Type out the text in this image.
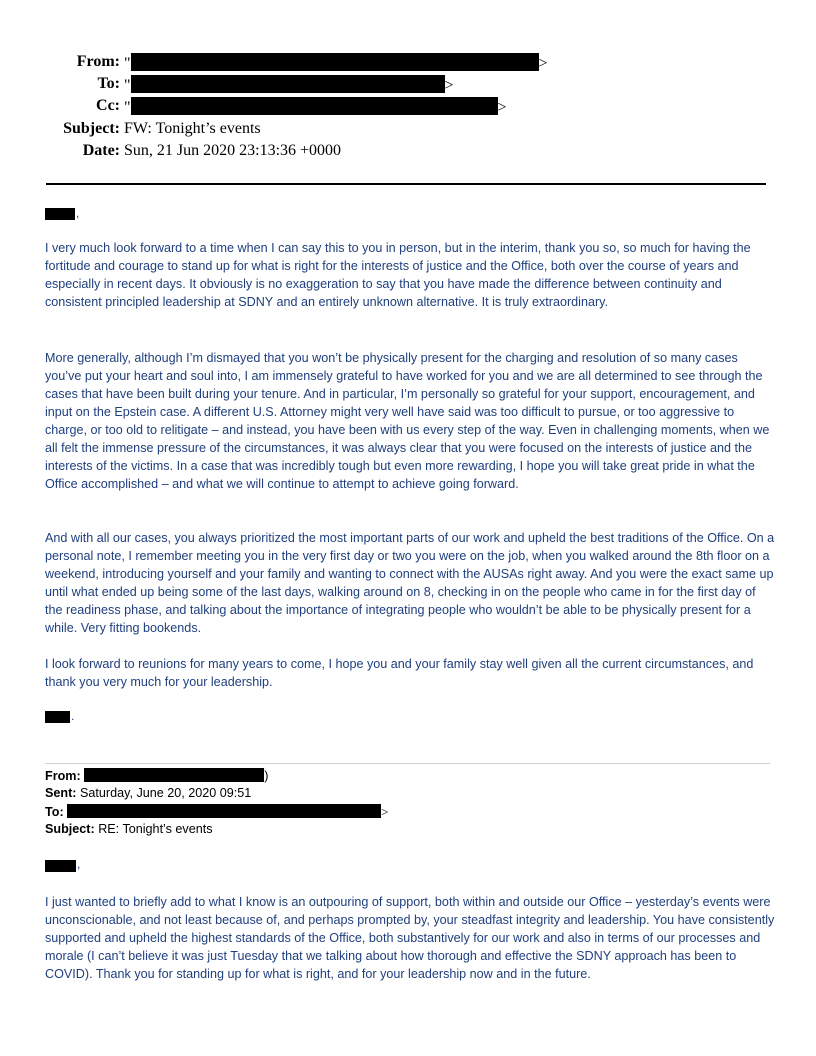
From: "	>
To: "	>
Cc: "	>
Subject: FW: Tonight’s events
Date: Sun, 21 Jun 2020 23:13:36 +0000
,

I very much look forward to a time when I can say this to you in person, but in the interim, thank you so, so much for having the fortitude and courage to stand up for what is right for the interests of justice and the Office, both over the course of years and especially in recent days. It obviously is no exaggeration to say that you have made the difference between continuity and consistent principled leadership at SDNY and an entirely unknown alternative. It is truly extraordinary.

More generally, although I’m dismayed that you won’t be physically present for the charging and resolution of so many cases you’ve put your heart and soul into, I am immensely grateful to have worked for you and we are all determined to see through the cases that have been built during your tenure. And in particular, I’m personally so grateful for your support, encouragement, and input on the Epstein case. A different U.S. Attorney might very well have said was too difficult to pursue, or too aggressive to charge, or too old to relitigate – and instead, you have been with us every step of the way. Even in challenging moments, when we all felt the immense pressure of the circumstances, it was always clear that you were focused on the interests of justice and the interests of the victims. In a case that was incredibly tough but even more rewarding, I hope you will take great pride in what the Office accomplished – and what we will continue to attempt to achieve going forward.

And with all our cases, you always prioritized the most important parts of our work and upheld the best traditions of the Office. On a personal note, I remember meeting you in the very first day or two you were on the job, when you walked around the 8th floor on a weekend, introducing yourself and your family and wanting to connect with the AUSAs right away. And you were the exact same up until what ended up being some of the last days, walking around on 8, checking in on the people who came in for the first day of the readiness phase, and talking about the importance of integrating people who wouldn’t be able to be physically present for a while. Very fitting bookends.

I look forward to reunions for many years to come, I hope you and your family stay well given all the current circumstances, and thank you very much for your leadership.

.
From:	)
Sent: Saturday, June 20, 2020 09:51
To:	>
Subject: RE: Tonight’s events
,

I just wanted to briefly add to what I know is an outpouring of support, both within and outside our Office – yesterday’s events were unconscionable, and not least because of, and perhaps prompted by, your steadfast integrity and leadership. You have consistently supported and upheld the highest standards of the Office, both substantively for our work and also in terms of our processes and morale (I can’t believe it was just Tuesday that we talking about how thorough and effective the SDNY approach has been to COVID). Thank you for standing up for what is right, and for your leadership now and in the future.
